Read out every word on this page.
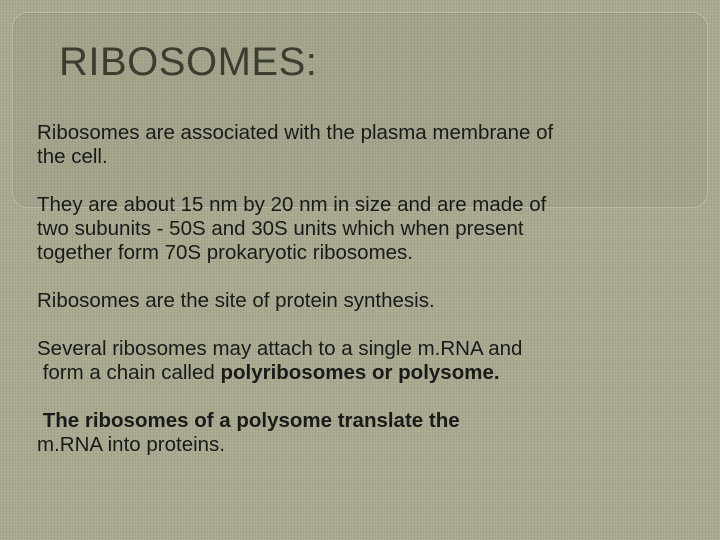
RIBOSOMES:

Ribosomes are associated with the plasma membrane of
the cell.

They are about 15 nm by 20 nm in size and are made of
two subunits - 50S and 30S units which when present
together form 70S prokaryotic ribosomes.

Ribosomes are the site of protein synthesis.

Several ribosomes may attach to a single m.RNA and
form a chain called polyribosomes or polysome.

The ribosomes of a polysome translate the
m.RNA into proteins.
